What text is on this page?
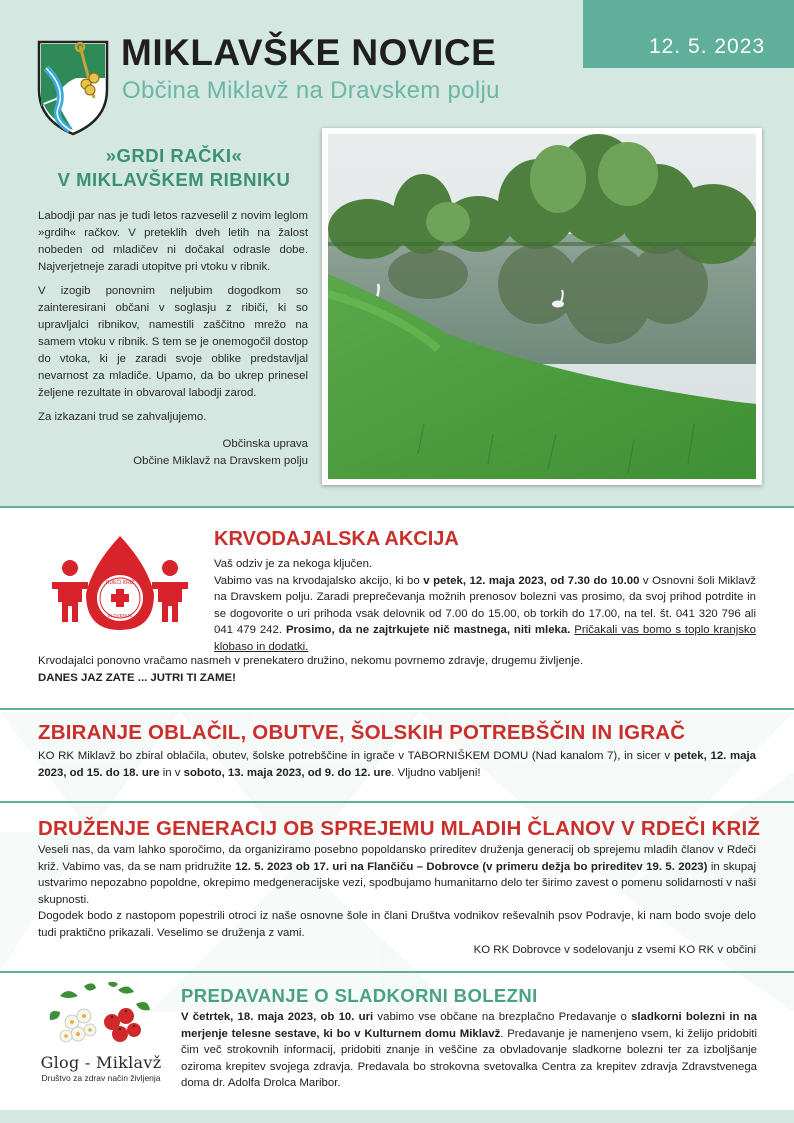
12. 5. 2023
MIKLAVŠKE NOVICE
Občina Miklavž na Dravskem polju
»GRDI RAČKI«
V MIKLAVŠKEM RIBNIKU

Labodji par nas je tudi letos razveselil z novim leglom »grdih« račkov. V preteklih dveh letih na žalost nobeden od mladičev ni dočakal odrasle dobe. Najverjetneje zaradi utopitve pri vtoku v ribnik.

V izogib ponovnim neljubim dogodkom so zainteresirani občani v soglasju z ribiči, ki so upravljalci ribnikov, namestili zaščitno mrežo na samem vtoku v ribnik. S tem se je onemogočil dostop do vtoka, ki je zaradi svoje oblike predstavljal nevarnost za mladiče. Upamo, da bo ukrep prinesel željene rezultate in obvaroval labodji zarod.

Za izkazani trud se zahvaljujemo.

Občinska uprava
Občine Miklavž na Dravskem polju
RDEČI KRIŽ
SLOVENIJE
KRVODAJALSKA AKCIJA
Vaš odziv je za nekoga ključen.
Vabimo vas na krvodajalsko akcijo, ki bo v petek, 12. maja 2023, od 7.30 do 10.00 v Osnovni šoli Miklavž na Dravskem polju. Zaradi preprečevanja možnih prenosov bolezni vas prosimo, da svoj prihod potrdite in se dogovorite o uri prihoda vsak delovnik od 7.00 do 15.00, ob torkih do 17.00, na tel. št. 041 320 796 ali 041 479 242. Prosimo, da ne zajtrkujete nič mastnega, niti mleka. Pričakali vas bomo s toplo kranjsko klobaso in dodatki.
Krvodajalci ponovno vračamo nasmeh v prenekatero družino, nekomu povrnemo zdravje, drugemu življenje.
DANES JAZ ZATE ... JUTRI TI ZAME!
ZBIRANJE OBLAČIL, OBUTVE, ŠOLSKIH POTREBŠČIN IN IGRAČ
KO RK Miklavž bo zbiral oblačila, obutev, šolske potrebščine in igrače v TABORNIŠKEM DOMU (Nad kanalom 7), in sicer v petek, 12. maja 2023, od 15. do 18. ure in v soboto, 13. maja 2023, od 9. do 12. ure. Vljudno vabljeni!
DRUŽENJE GENERACIJ OB SPREJEMU MLADIH ČLANOV V RDEČI KRIŽ
Veseli nas, da vam lahko sporočimo, da organiziramo posebno popoldansko prireditev druženja generacij ob sprejemu mladih članov v Rdeči križ. Vabimo vas, da se nam pridružite 12. 5. 2023 ob 17. uri na Flančiču – Dobrovce (v primeru dežja bo prireditev 19. 5. 2023) in skupaj ustvarimo nepozabno popoldne, okrepimo medgeneracijske vezi, spodbujamo humanitarno delo ter širimo zavest o pomenu solidarnosti v naši skupnosti.
Dogodek bodo z nastopom popestrili otroci iz naše osnovne šole in člani Društva vodnikov reševalnih psov Podravje, ki nam bodo svoje delo tudi praktično prikazali. Veselimo se druženja z vami.
KO RK Dobrovce v sodelovanju z vsemi KO RK v občini
Glog - Miklavž
Društvo za zdrav način življenja
PREDAVANJE O SLADKORNI BOLEZNI
V četrtek, 18. maja 2023, ob 10. uri vabimo vse občane na brezplačno Predavanje o sladkorni bolezni in na merjenje telesne sestave, ki bo v Kulturnem domu Miklavž. Predavanje je namenjeno vsem, ki želijo pridobiti čim več strokovnih informacij, pridobiti znanje in veščine za obvladovanje sladkorne bolezni ter za izboljšanje oziroma krepitev svojega zdravja. Predavala bo strokovna svetovalka Centra za krepitev zdravja Zdravstvenega doma dr. Adolfa Drolca Maribor.
